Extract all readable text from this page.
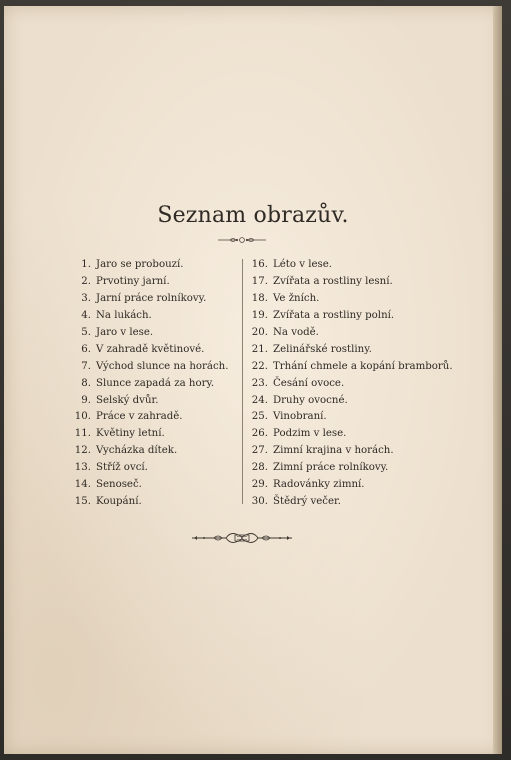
Seznam obrazův.
1. Jaro se probouzí.
2. Prvotiny jarní.
3. Jarní práce rolníkovy.
4. Na lukách.
5. Jaro v lese.
6. V zahradě květinové.
7. Východ slunce na horách.
8. Slunce zapadá za hory.
9. Selský dvůr.
10. Práce v zahradě.
11. Květiny letní.
12. Vycházka dítek.
13. Stříž ovcí.
14. Senoseč.
15. Koupání.
16. Léto v lese.
17. Zvířata a rostliny lesní.
18. Ve žních.
19. Zvířata a rostliny polní.
20. Na vodě.
21. Zelinářské rostliny.
22. Trhání chmele a kopání bramborů.
23. Česání ovoce.
24. Druhy ovocné.
25. Vinobraní.
26. Podzim v lese.
27. Zimní krajina v horách.
28. Zimní práce rolníkovy.
29. Radovánky zimní.
30. Štědrý večer.
